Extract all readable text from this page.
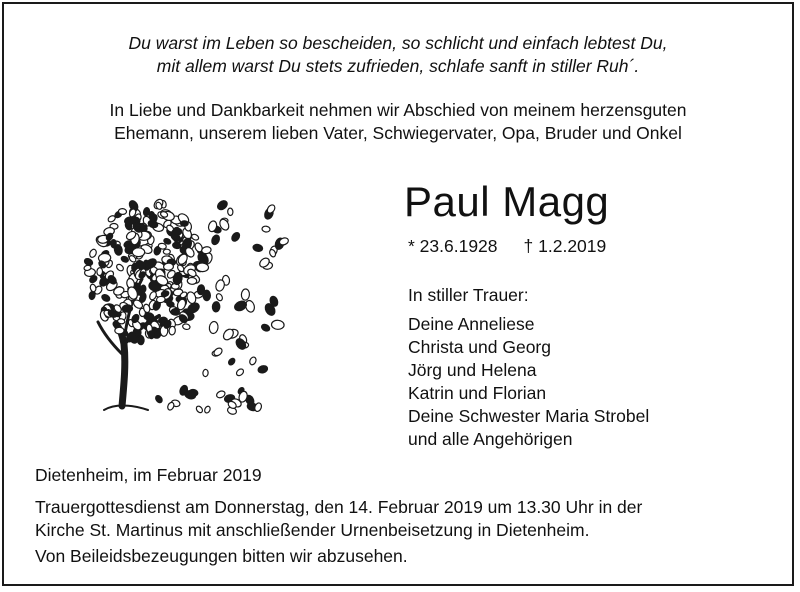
Du warst im Leben so bescheiden, so schlicht und einfach lebtest Du,
mit allem warst Du stets zufrieden, schlafe sanft in stiller Ruh´.
In Liebe und Dankbarkeit nehmen wir Abschied von meinem herzensguten
Ehemann, unserem lieben Vater, Schwiegervater, Opa, Bruder und Onkel
Paul Magg
* 23.6.1928 † 1.2.2019
In stiller Trauer:
Deine Anneliese
Christa und Georg
Jörg und Helena
Katrin und Florian
Deine Schwester Maria Strobel
und alle Angehörigen
Dietenheim, im Februar 2019
Trauergottesdienst am Donnerstag, den 14. Februar 2019 um 13.30 Uhr in der
Kirche St. Martinus mit anschließender Urnenbeisetzung in Dietenheim.
Von Beileidsbezeugungen bitten wir abzusehen.
